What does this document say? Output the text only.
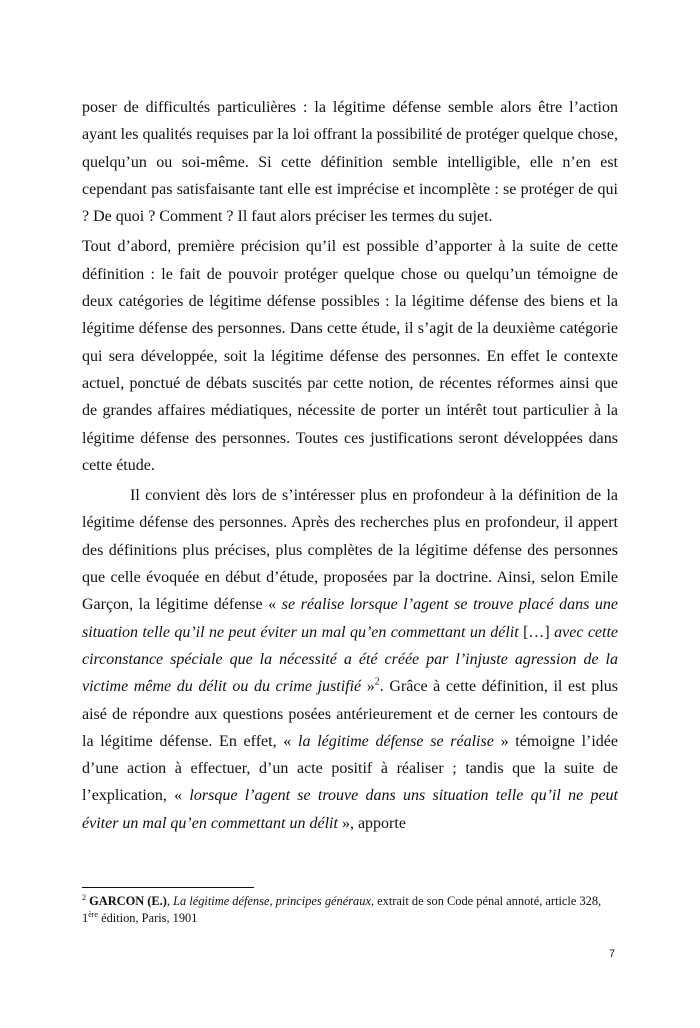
poser de difficultés particulières : la légitime défense semble alors être l’action ayant les qualités requises par la loi offrant la possibilité de protéger quelque chose, quelqu’un ou soi-même. Si cette définition semble intelligible, elle n’en est cependant pas satisfaisante tant elle est imprécise et incomplète : se protéger de qui ? De quoi ? Comment ? Il faut alors préciser les termes du sujet.

Tout d’abord, première précision qu’il est possible d’apporter à la suite de cette définition : le fait de pouvoir protéger quelque chose ou quelqu’un témoigne de deux catégories de légitime défense possibles : la légitime défense des biens et la légitime défense des personnes. Dans cette étude, il s’agit de la deuxième catégorie qui sera développée, soit la légitime défense des personnes. En effet le contexte actuel, ponctué de débats suscités par cette notion, de récentes réformes ainsi que de grandes affaires médiatiques, nécessite de porter un intérêt tout particulier à la légitime défense des personnes. Toutes ces justifications seront développées dans cette étude.

Il convient dès lors de s’intéresser plus en profondeur à la définition de la légitime défense des personnes. Après des recherches plus en profondeur, il appert des définitions plus précises, plus complètes de la légitime défense des personnes que celle évoquée en début d’étude, proposées par la doctrine. Ainsi, selon Emile Garçon, la légitime défense « se réalise lorsque l’agent se trouve placé dans une situation telle qu’il ne peut éviter un mal qu’en commettant un délit […] avec cette circonstance spéciale que la nécessité a été créée par l’injuste agression de la victime même du délit ou du crime justifié »$^2$. Grâce à cette définition, il est plus aisé de répondre aux questions posées antérieurement et de cerner les contours de la légitime défense. En effet, « la légitime défense se réalise » témoigne l’idée d’une action à effectuer, d’un acte positif à réaliser ; tandis que la suite de l’explication, « lorsque l’agent se trouve dans uns situation telle qu’il ne peut éviter un mal qu’en commettant un délit », apporte

$^2$ GARCON (E.), La légitime défense, principes généraux, extrait de son Code pénal annoté, article 328, 1ère édition, Paris, 1901

7
